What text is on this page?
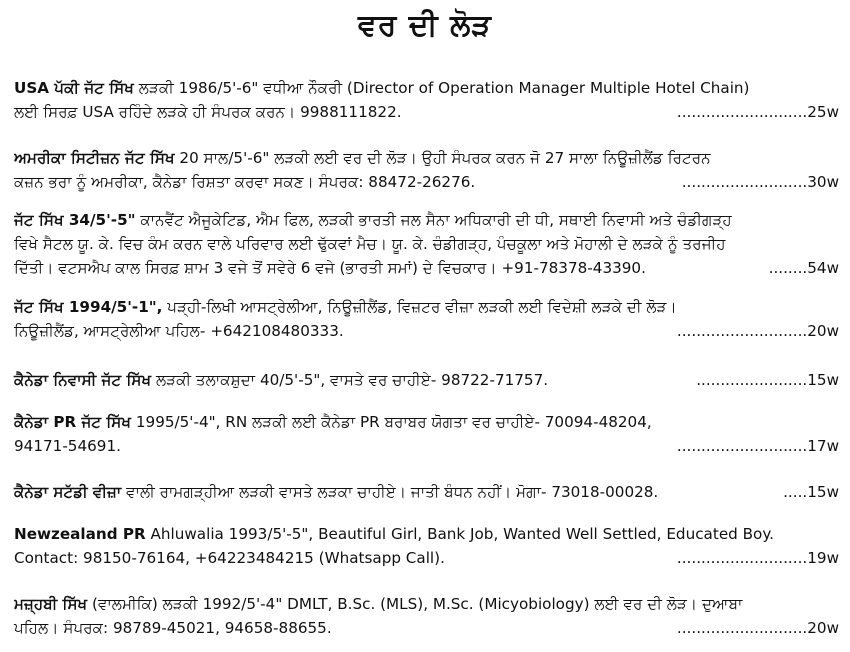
ਵਰ ਦੀ ਲੋੜ
USA ਪੱਕੀ ਜੱਟ ਸਿੱਖ ਲੜਕੀ 1986/5'-6" ਵਧੀਆ ਨੌਕਰੀ (Director of Operation Manager Multiple Hotel Chain)
ਲਈ ਸਿਰਫ਼ USA ਰਹਿੰਦੇ ਲੜਕੇ ਹੀ ਸੰਪਰਕ ਕਰਨ। 9988111822.	...........................25w
ਅਮਰੀਕਾ ਸਿਟੀਜ਼ਨ ਜੱਟ ਸਿੱਖ 20 ਸਾਲ/5'-6" ਲੜਕੀ ਲਈ ਵਰ ਦੀ ਲੋੜ। ਉਹੀ ਸੰਪਰਕ ਕਰਨ ਜੋ 27 ਸਾਲਾ ਨਿਊਜ਼ੀਲੈਂਡ ਰਿਟਰਨ
ਕਜ਼ਨ ਭਰਾ ਨੂੰ ਅਮਰੀਕਾ, ਕੈਨੇਡਾ ਰਿਸ਼ਤਾ ਕਰਵਾ ਸਕਣ। ਸੰਪਰਕ: 88472-26276.	..........................30w
ਜੱਟ ਸਿੱਖ 34/5'-5" ਕਾਨਵੈਂਟ ਐਜੂਕੇਟਿਡ, ਐਮ ਫਿਲ, ਲੜਕੀ ਭਾਰਤੀ ਜਲ ਸੈਨਾ ਅਧਿਕਾਰੀ ਦੀ ਧੀ, ਸਥਾਈ ਨਿਵਾਸੀ ਅਤੇ ਚੰਡੀਗੜ੍ਹ
ਵਿਖੇ ਸੈਟਲ ਯੂ. ਕੇ. ਵਿਚ ਕੰਮ ਕਰਨ ਵਾਲੇ ਪਰਿਵਾਰ ਲਈ ਢੁੱਕਵਾਂ ਮੈਚ। ਯੂ. ਕੇ. ਚੰਡੀਗੜ੍ਹ, ਪੰਚਕੂਲਾ ਅਤੇ ਮੋਹਾਲੀ ਦੇ ਲੜਕੇ ਨੂੰ ਤਰਜੀਹ
ਦਿੱਤੀ। ਵਟਸਐਪ ਕਾਲ ਸਿਰਫ਼ ਸ਼ਾਮ 3 ਵਜੇ ਤੋਂ ਸਵੇਰੇ 6 ਵਜੇ (ਭਾਰਤੀ ਸਮਾਂ) ਦੇ ਵਿਚਕਾਰ। +91-78378-43390.	........54w
ਜੱਟ ਸਿੱਖ 1994/5'-1", ਪੜ੍ਹੀ-ਲਿਖੀ ਆਸਟ੍ਰੇਲੀਆ, ਨਿਊਜ਼ੀਲੈਂਡ, ਵਿਜ਼ਟਰ ਵੀਜ਼ਾ ਲੜਕੀ ਲਈ ਵਿਦੇਸ਼ੀ ਲੜਕੇ ਦੀ ਲੋੜ।
ਨਿਊਜ਼ੀਲੈਂਡ, ਆਸਟ੍ਰੇਲੀਆ ਪਹਿਲ- +642108480333.	...........................20w
ਕੈਨੇਡਾ ਨਿਵਾਸੀ ਜੱਟ ਸਿੱਖ ਲੜਕੀ ਤਲਾਕਸ਼ੁਦਾ 40/5'-5", ਵਾਸਤੇ ਵਰ ਚਾਹੀਏ- 98722-71757.	.......................15w
ਕੈਨੇਡਾ PR ਜੱਟ ਸਿੱਖ 1995/5'-4", RN ਲੜਕੀ ਲਈ ਕੈਨੇਡਾ PR ਬਰਾਬਰ ਯੋਗਤਾ ਵਰ ਚਾਹੀਏ- 70094-48204,
94171-54691.	...........................17w
ਕੈਨੇਡਾ ਸਟੱਡੀ ਵੀਜ਼ਾ ਵਾਲੀ ਰਾਮਗੜ੍ਹੀਆ ਲੜਕੀ ਵਾਸਤੇ ਲੜਕਾ ਚਾਹੀਏ। ਜਾਤੀ ਬੰਧਨ ਨਹੀਂ। ਮੋਗਾ- 73018-00028.	.....15w
Newzealand PR Ahluwalia 1993/5'-5", Beautiful Girl, Bank Job, Wanted Well Settled, Educated Boy.
Contact: 98150-76164, +64223484215 (Whatsapp Call).	...........................19w
ਮਜ਼੍ਹਬੀ ਸਿੱਖ (ਵਾਲਮੀਕਿ) ਲੜਕੀ 1992/5'-4" DMLT, B.Sc. (MLS), M.Sc. (Micyobiology) ਲਈ ਵਰ ਦੀ ਲੋੜ। ਦੁਆਬਾ
ਪਹਿਲ। ਸੰਪਰਕ: 98789-45021, 94658-88655.	...........................20w
